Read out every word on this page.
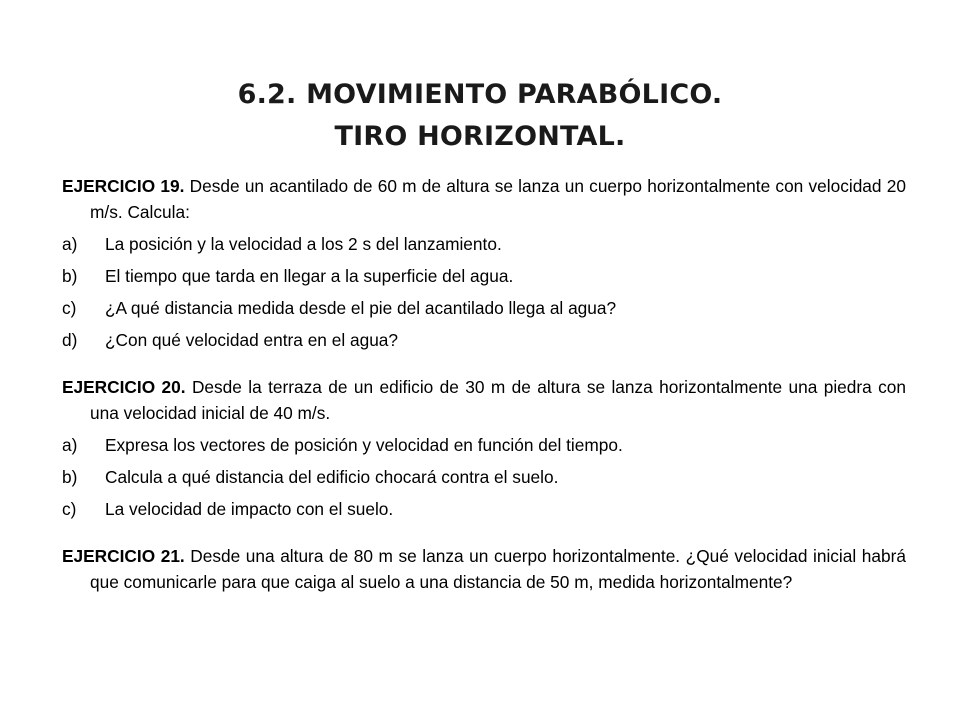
6.2. MOVIMIENTO PARABÓLICO.
TIRO HORIZONTAL.

EJERCICIO 19. Desde un acantilado de 60 m de altura se lanza un cuerpo horizontalmente con velocidad 20 m/s. Calcula:

a)	La posición y la velocidad a los 2 s del lanzamiento.
b)	El tiempo que tarda en llegar a la superficie del agua.
c)	¿A qué distancia medida desde el pie del acantilado llega al agua?
d)	¿Con qué velocidad entra en el agua?

EJERCICIO 20. Desde la terraza de un edificio de 30 m de altura se lanza horizontalmente una piedra con una velocidad inicial de 40 m/s.

a)	Expresa los vectores de posición y velocidad en función del tiempo.
b)	Calcula a qué distancia del edificio chocará contra el suelo.
c)	La velocidad de impacto con el suelo.

EJERCICIO 21. Desde una altura de 80 m se lanza un cuerpo horizontalmente. ¿Qué velocidad inicial habrá que comunicarle para que caiga al suelo a una distancia de 50 m, medida horizontalmente?
